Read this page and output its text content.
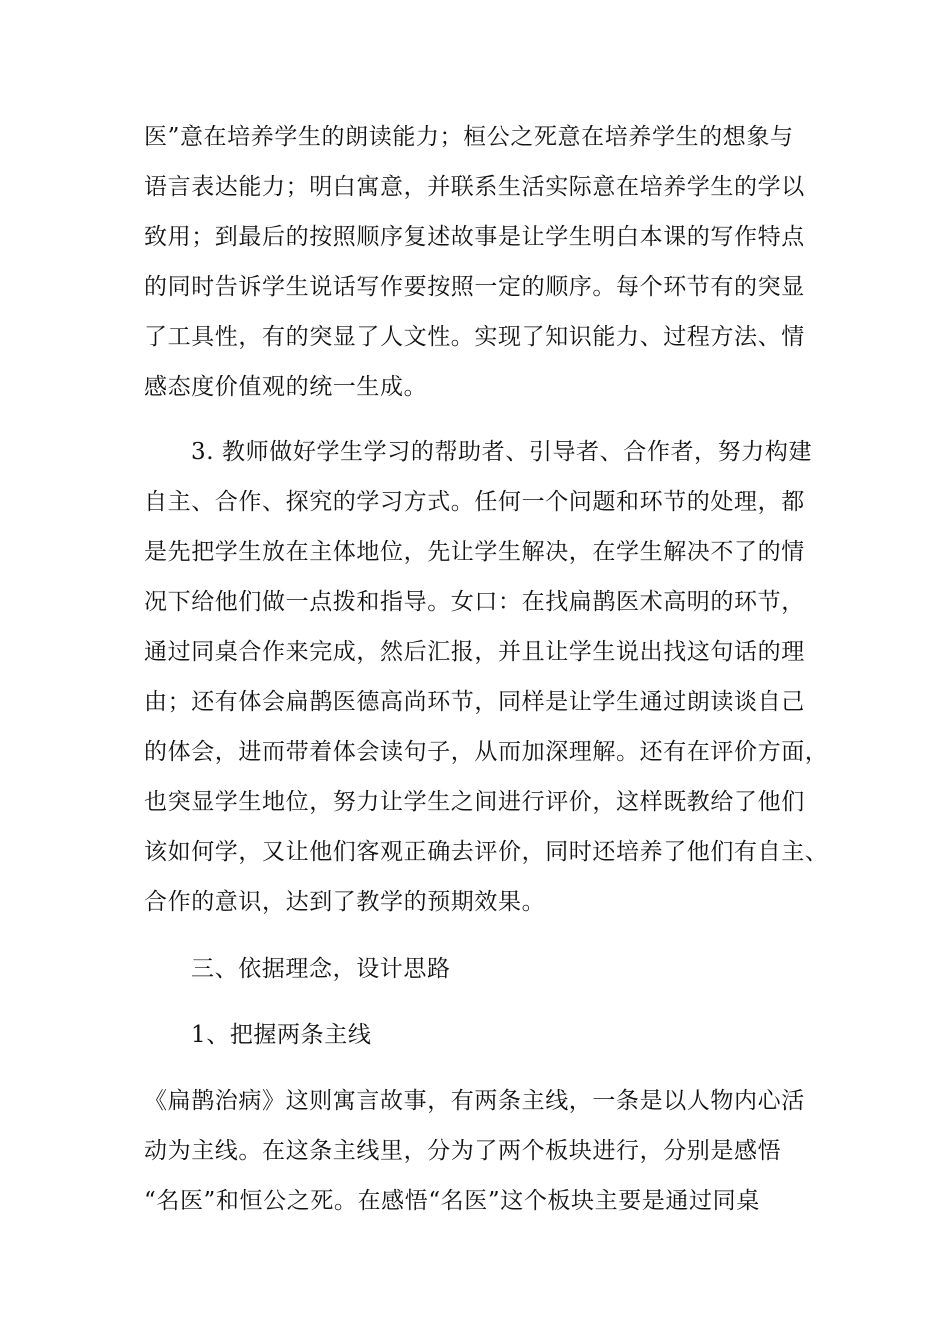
医”意在培养学生的朗读能力；桓公之死意在培养学生的想象与
语言表达能力；明白寓意，并联系生活实际意在培养学生的学以
致用；到最后的按照顺序复述故事是让学生明白本课的写作特点
的同时告诉学生说话写作要按照一定的顺序。每个环节有的突显
了工具性，有的突显了人文性。实现了知识能力、过程方法、情
感态度价值观的统一生成。
3. 教师做好学生学习的帮助者、引导者、合作者，努力构建
自主、合作、探究的学习方式。任何一个问题和环节的处理，都
是先把学生放在主体地位，先让学生解决，在学生解决不了的情
况下给他们做一点拨和指导。女口：在找扁鹊医术高明的环节，
通过同桌合作来完成，然后汇报，并且让学生说出找这句话的理
由；还有体会扁鹊医德高尚环节，同样是让学生通过朗读谈自己
的体会，进而带着体会读句子，从而加深理解。还有在评价方面，
也突显学生地位，努力让学生之间进行评价，这样既教给了他们
该如何学，又让他们客观正确去评价，同时还培养了他们有自主、
合作的意识，达到了教学的预期效果。
三、依据理念，设计思路
1、把握两条主线
《扁鹊治病》这则寓言故事，有两条主线，一条是以人物内心活
动为主线。在这条主线里，分为了两个板块进行，分别是感悟
“名医”和恒公之死。在感悟“名医”这个板块主要是通过同桌
